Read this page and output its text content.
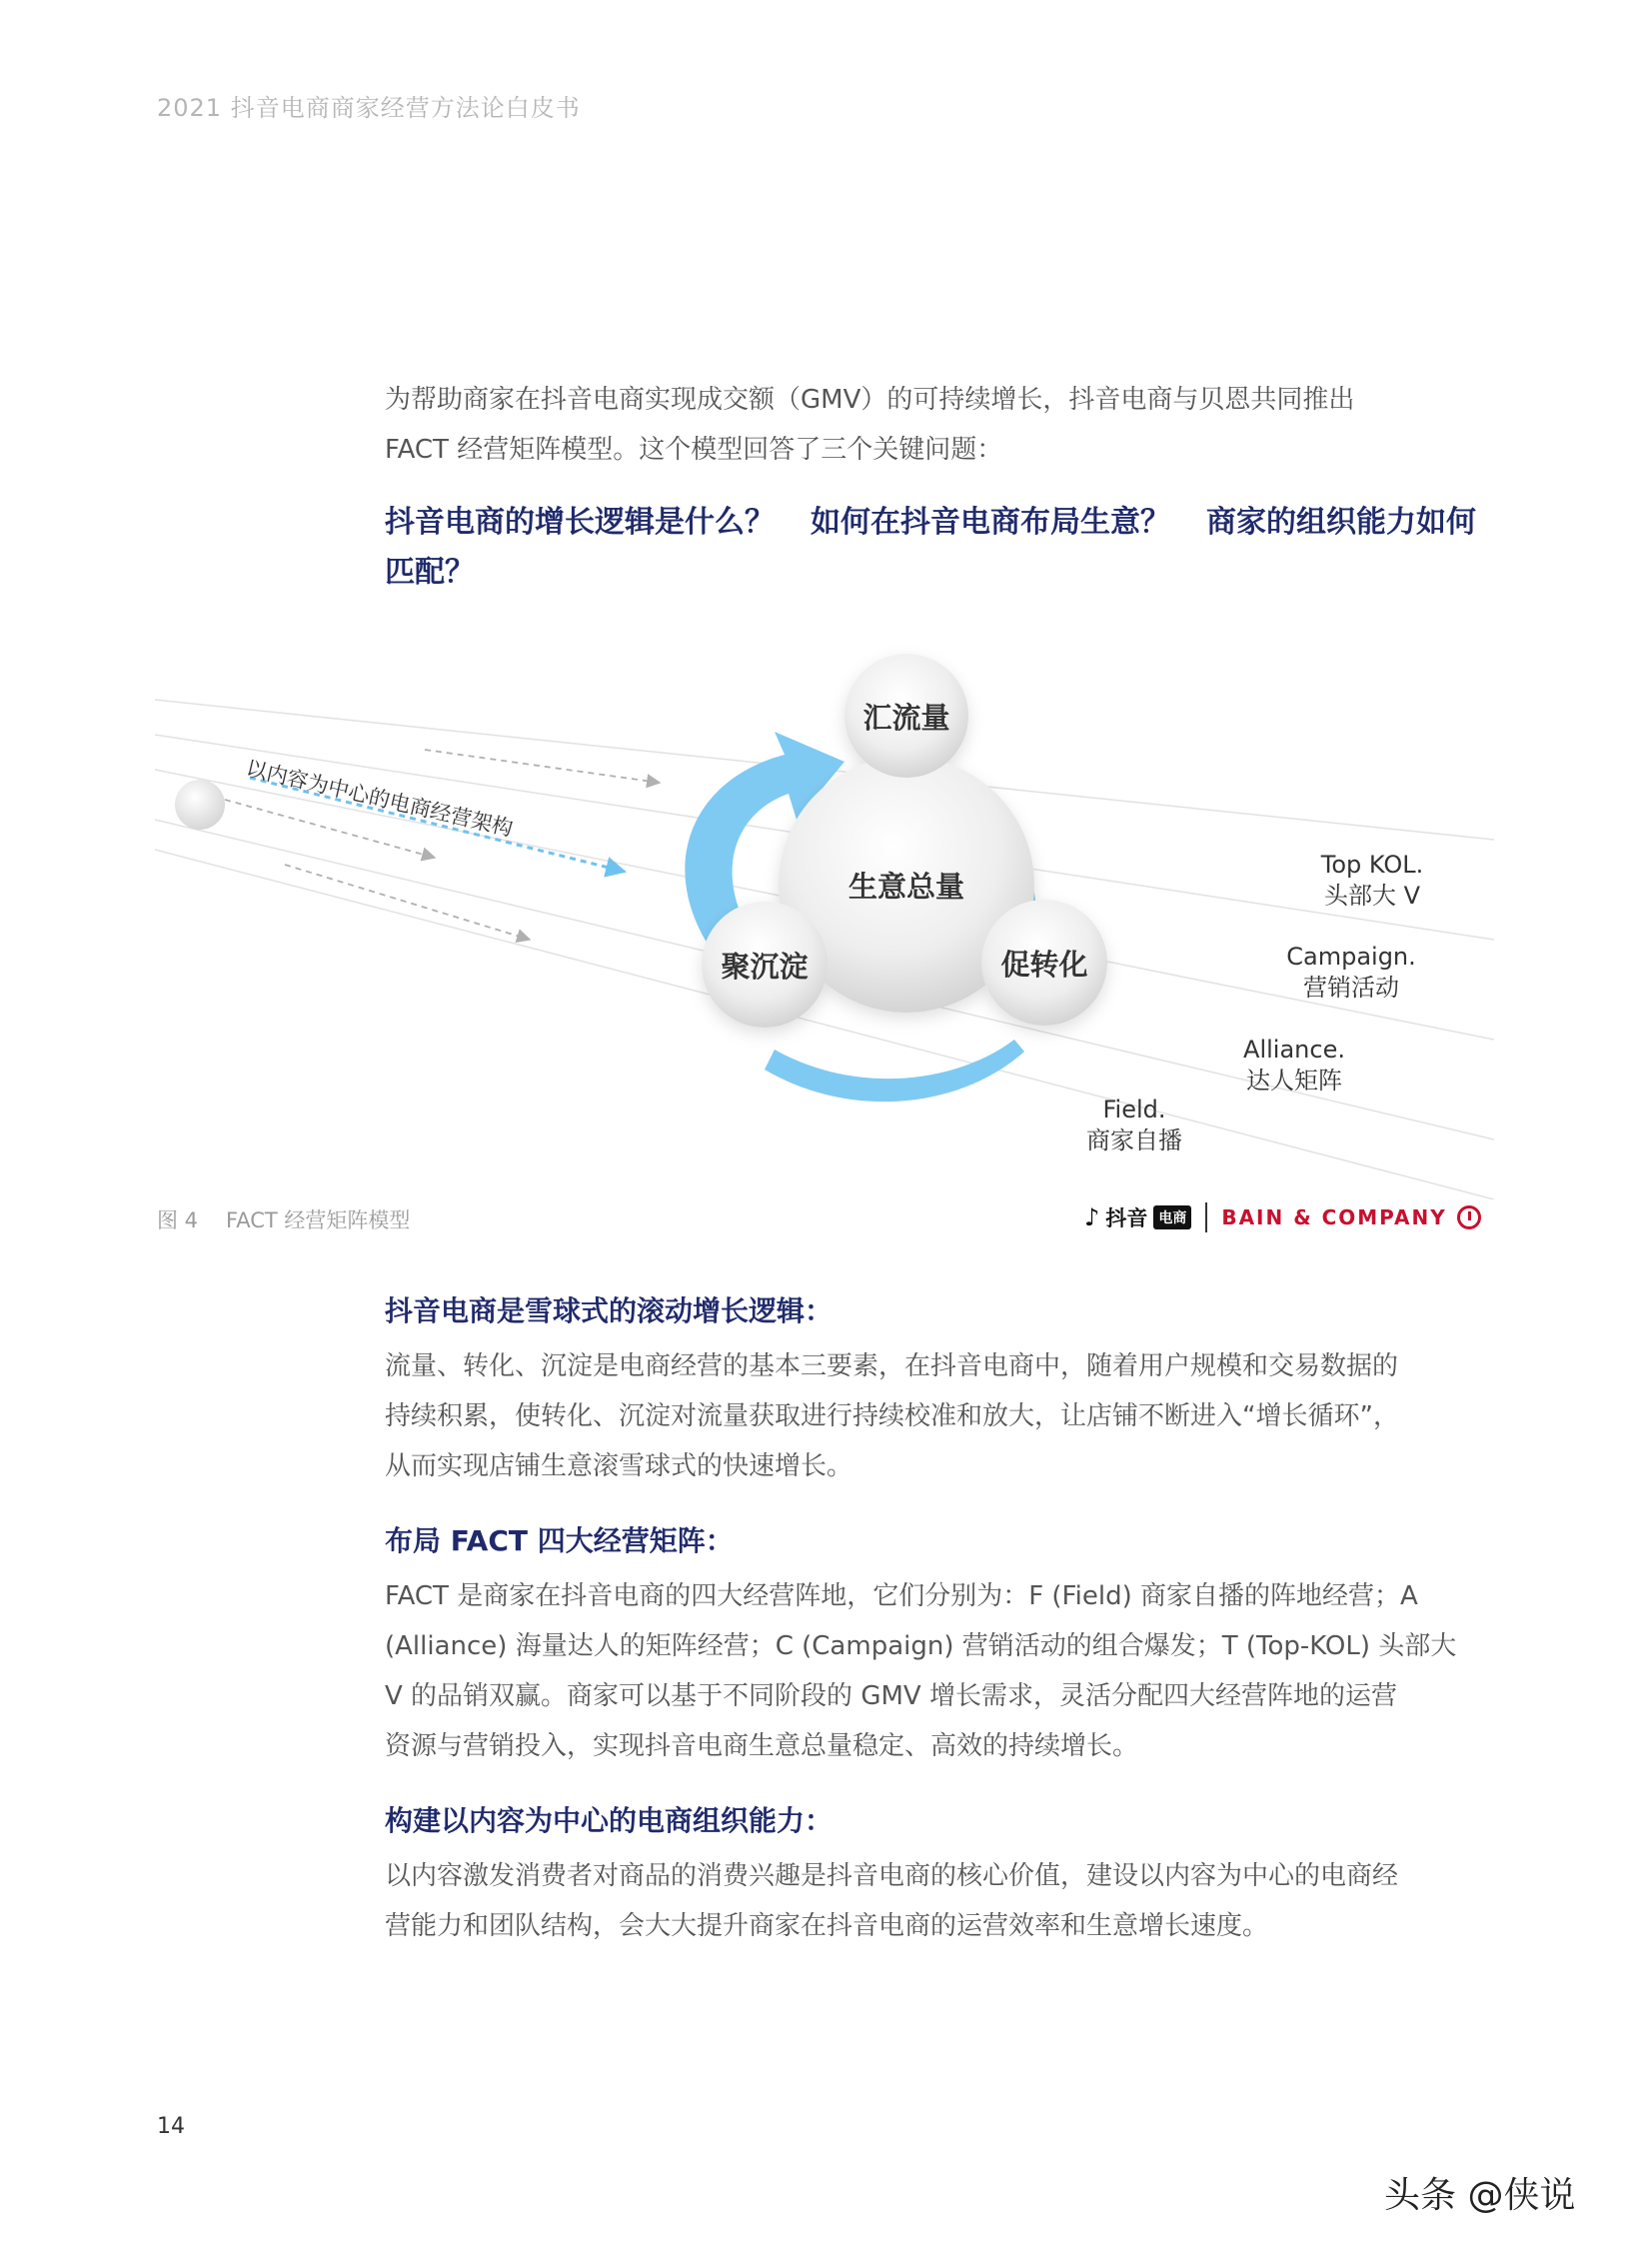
2021 抖音电商商家经营方法论白皮书

为帮助商家在抖音电商实现成交额（GMV）的可持续增长，抖音电商与贝恩共同推出

FACT 经营矩阵模型。这个模型回答了三个关键问题：

抖音电商的增长逻辑是什么？ 如何在抖音电商布局生意？ 商家的组织能力如何匹配？
以内容为中心的电商经营架构
生意总量
汇流量
聚沉淀	促转化
Top KOL.
头部大 V
Campaign.
营销活动
Alliance.
达人矩阵
Field.
商家自播
图 4 FACT 经营矩阵模型	♪ 抖音 电商 BAIN & COMPANY
抖音电商是雪球式的滚动增长逻辑：

流量、转化、沉淀是电商经营的基本三要素，在抖音电商中，随着用户规模和交易数据的

持续积累，使转化、沉淀对流量获取进行持续校准和放大，让店铺不断进入“增长循环”，

从而实现店铺生意滚雪球式的快速增长。

布局 FACT 四大经营矩阵：

FACT 是商家在抖音电商的四大经营阵地，它们分别为：F (Field) 商家自播的阵地经营；A

(Alliance) 海量达人的矩阵经营；C (Campaign) 营销活动的组合爆发；T (Top-KOL) 头部大

V 的品销双赢。商家可以基于不同阶段的 GMV 增长需求，灵活分配四大经营阵地的运营

资源与营销投入，实现抖音电商生意总量稳定、高效的持续增长。

构建以内容为中心的电商组织能力：

以内容激发消费者对商品的消费兴趣是抖音电商的核心价值，建设以内容为中心的电商经

营能力和团队结构，会大大提升商家在抖音电商的运营效率和生意增长速度。

14
头条 @侠说
